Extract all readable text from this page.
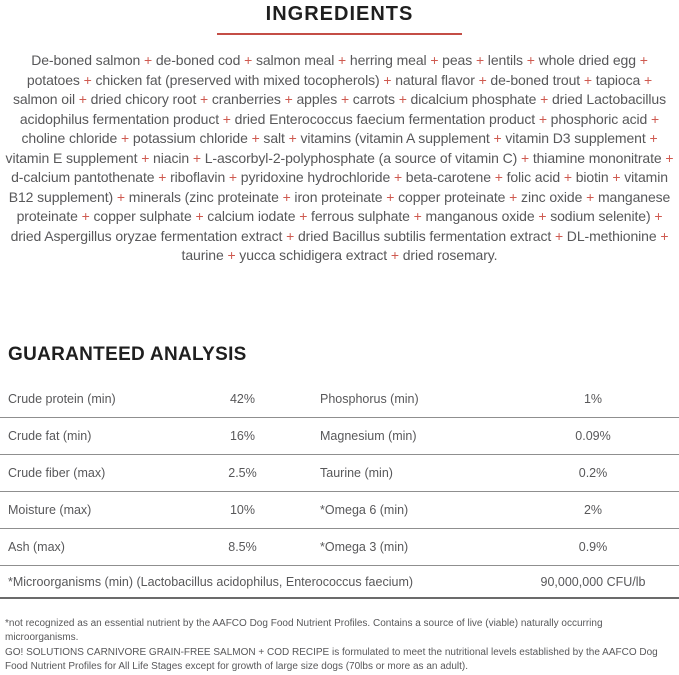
INGREDIENTS

De-boned salmon + de-boned cod + salmon meal + herring meal + peas + lentils + whole dried egg + potatoes + chicken fat (preserved with mixed tocopherols) + natural flavor + de-boned trout + tapioca + salmon oil + dried chicory root + cranberries + apples + carrots + dicalcium phosphate + dried Lactobacillus acidophilus fermentation product + dried Enterococcus faecium fermentation product + phosphoric acid + choline chloride + potassium chloride + salt + vitamins (vitamin A supplement + vitamin D3 supplement + vitamin E supplement + niacin + L-ascorbyl-2-polyphosphate (a source of vitamin C) + thiamine mononitrate + d-calcium pantothenate + riboflavin + pyridoxine hydrochloride + beta-carotene + folic acid + biotin + vitamin B12 supplement) + minerals (zinc proteinate + iron proteinate + copper proteinate + zinc oxide + manganese proteinate + copper sulphate + calcium iodate + ferrous sulphate + manganous oxide + sodium selenite) + dried Aspergillus oryzae fermentation extract + dried Bacillus subtilis fermentation extract + DL-methionine + taurine + yucca schidigera extract + dried rosemary.

GUARANTEED ANALYSIS
Crude protein (min)	42%	Phosphorus (min)	1%
Crude fat (min)	16%	Magnesium (min)	0.09%
Crude fiber (max)	2.5%	Taurine (min)	0.2%
Moisture (max)	10%	*Omega 6 (min)	2%
Ash (max)	8.5%	*Omega 3 (min)	0.9%
*Microorganisms (min) (Lactobacillus acidophilus, Enterococcus faecium)	90,000,000 CFU/lb
*not recognized as an essential nutrient by the AAFCO Dog Food Nutrient Profiles. Contains a source of live (viable) naturally occurring microorganisms.
GO! SOLUTIONS CARNIVORE GRAIN-FREE SALMON + COD RECIPE is formulated to meet the nutritional levels established by the AAFCO Dog Food Nutrient Profiles for All Life Stages except for growth of large size dogs (70lbs or more as an adult).
